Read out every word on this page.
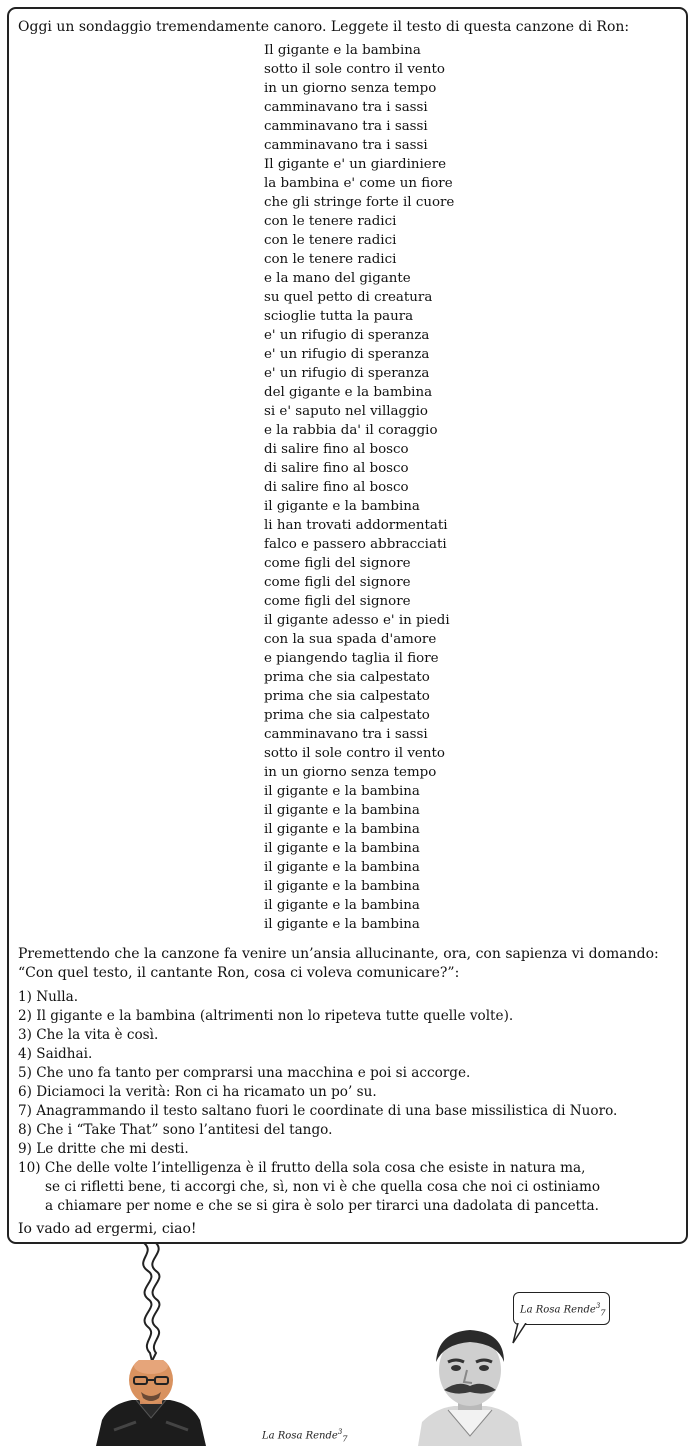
Oggi un sondaggio tremendamente canoro. Leggete il testo di questa canzone di Ron:
Il gigante e la bambina
sotto il sole contro il vento
in un giorno senza tempo
camminavano tra i sassi
camminavano tra i sassi
camminavano tra i sassi
Il gigante e' un giardiniere
la bambina e' come un fiore
che gli stringe forte il cuore
con le tenere radici
con le tenere radici
con le tenere radici
e la mano del gigante
su quel petto di creatura
scioglie tutta la paura
e' un rifugio di speranza
e' un rifugio di speranza
e' un rifugio di speranza
del gigante e la bambina
si e' saputo nel villaggio
e la rabbia da' il coraggio
di salire fino al bosco
di salire fino al bosco
di salire fino al bosco
il gigante e la bambina
li han trovati addormentati
falco e passero abbracciati
come figli del signore
come figli del signore
come figli del signore
il gigante adesso e' in piedi
con la sua spada d'amore
e piangendo taglia il fiore
prima che sia calpestato
prima che sia calpestato
prima che sia calpestato
camminavano tra i sassi
sotto il sole contro il vento
in un giorno senza tempo
il gigante e la bambina
il gigante e la bambina
il gigante e la bambina
il gigante e la bambina
il gigante e la bambina
il gigante e la bambina
il gigante e la bambina
il gigante e la bambina
Premettendo che la canzone fa venire un’ansia allucinante, ora, con sapienza vi domando:
“Con quel testo, il cantante Ron, cosa ci voleva comunicare?”:
1) Nulla.
2) Il gigante e la bambina (altrimenti non lo ripeteva tutte quelle volte).
3) Che la vita è così.
4) Saidhai.
5) Che uno fa tanto per comprarsi una macchina e poi si accorge.
6) Diciamoci la verità: Ron ci ha ricamato un po’ su.
7) Anagrammando il testo saltano fuori le coordinate di una base missilistica di Nuoro.
8) Che i “Take That” sono l’antitesi del tango.
9) Le dritte che mi desti.
10) Che delle volte l’intelligenza è il frutto della sola cosa che esiste in natura ma,
se ci rifletti bene, ti accorgi che, sì, non vi è che quella cosa che noi ci ostiniamo
a chiamare per nome e che se si gira è solo per tirarci una dadolata di pancetta.
Io vado ad ergermi, ciao!
La Rosa Rende$^3_7$
La Rosa Rende$^3_7$
